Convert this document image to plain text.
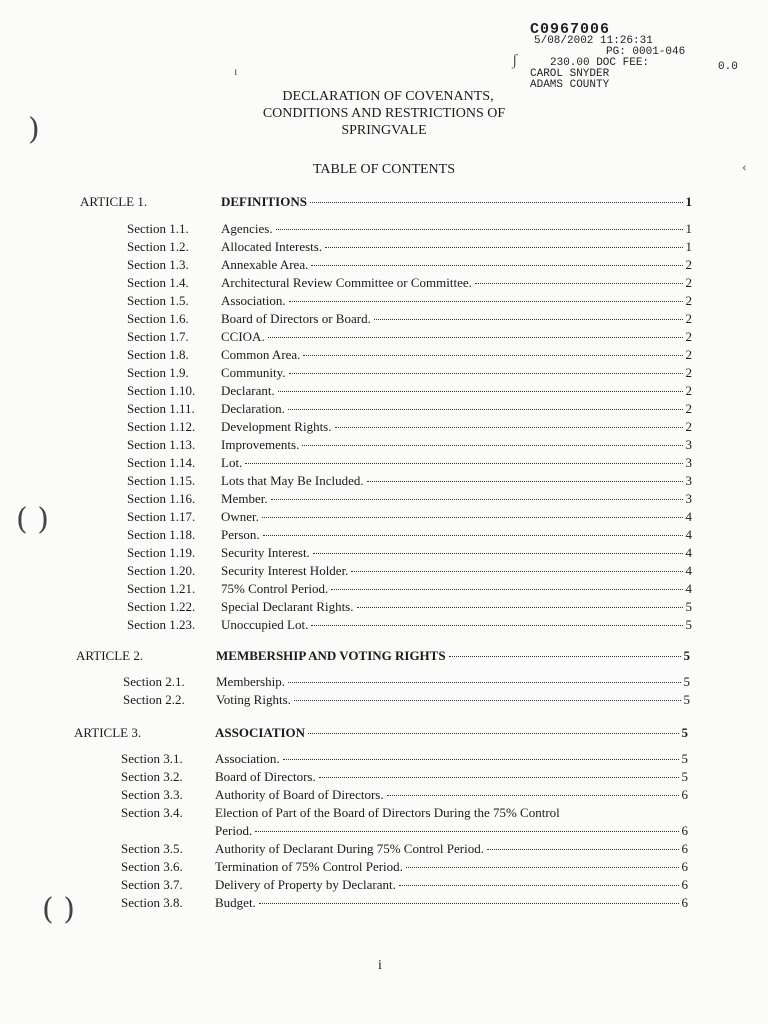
C0967006
5/08/2002 11:26:31
PG: 0001-046
230.00 DOC FEE:
CAROL SNYDER
ADAMS COUNTY
0.0
ʃ
ı
‹
)
( )
( )
DECLARATION OF COVENANTS,
CONDITIONS AND RESTRICTIONS OF
SPRINGVALE
TABLE OF CONTENTS
ARTICLE 1.	DEFINITIONS	1
Section 1.1. Agencies.	1
Section 1.2. Allocated Interests.	1
Section 1.3. Annexable Area.	2
Section 1.4. Architectural Review Committee or Committee.	2
Section 1.5. Association.	2
Section 1.6. Board of Directors or Board.	2
Section 1.7. CCIOA.	2
Section 1.8. Common Area.	2
Section 1.9. Community.	2
Section 1.10. Declarant.	2
Section 1.11. Declaration.	2
Section 1.12. Development Rights.	2
Section 1.13. Improvements.	3
Section 1.14. Lot.	3
Section 1.15. Lots that May Be Included.	3
Section 1.16. Member.	3
Section 1.17. Owner.	4
Section 1.18. Person.	4
Section 1.19. Security Interest.	4
Section 1.20. Security Interest Holder.	4
Section 1.21. 75% Control Period.	4
Section 1.22. Special Declarant Rights.	5
Section 1.23. Unoccupied Lot.	5
ARTICLE 2.	MEMBERSHIP AND VOTING RIGHTS	5
Section 2.1. Membership.	5
Section 2.2. Voting Rights.	5
ARTICLE 3.	ASSOCIATION	5
Section 3.1. Association.	5
Section 3.2. Board of Directors.	5
Section 3.3. Authority of Board of Directors.	6
Section 3.4. Election of Part of the Board of Directors During the 75% Control
Period.	6
Section 3.5. Authority of Declarant During 75% Control Period.	6
Section 3.6. Termination of 75% Control Period.	6
Section 3.7. Delivery of Property by Declarant.	6
Section 3.8. Budget.	6
i
